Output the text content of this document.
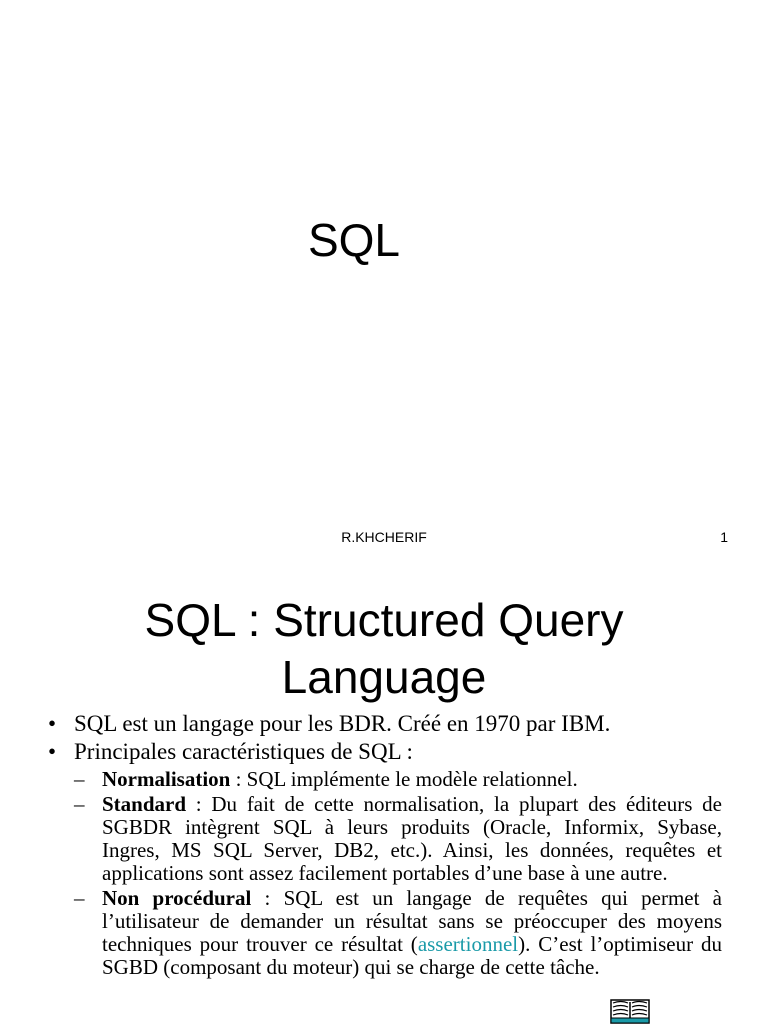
SQL
R.KHCHERIF	1
SQL : Structured Query
Language
• SQL est un langage pour les BDR. Créé en 1970 par IBM.
• Principales caractéristiques de SQL :
– Normalisation : SQL implémente le modèle relationnel.
– Standard : Du fait de cette normalisation, la plupart des éditeurs de SGBDR intègrent SQL à leurs produits (Oracle, Informix, Sybase, Ingres, MS SQL Server, DB2, etc.). Ainsi, les données, requêtes et applications sont assez facilement portables d’une base à une autre.
– Non procédural : SQL est un langage de requêtes qui permet à l’utilisateur de demander un résultat sans se préoccuper des moyens techniques pour trouver ce résultat (assertionnel). C’est l’optimiseur du SGBD (composant du moteur) qui se charge de cette tâche.
